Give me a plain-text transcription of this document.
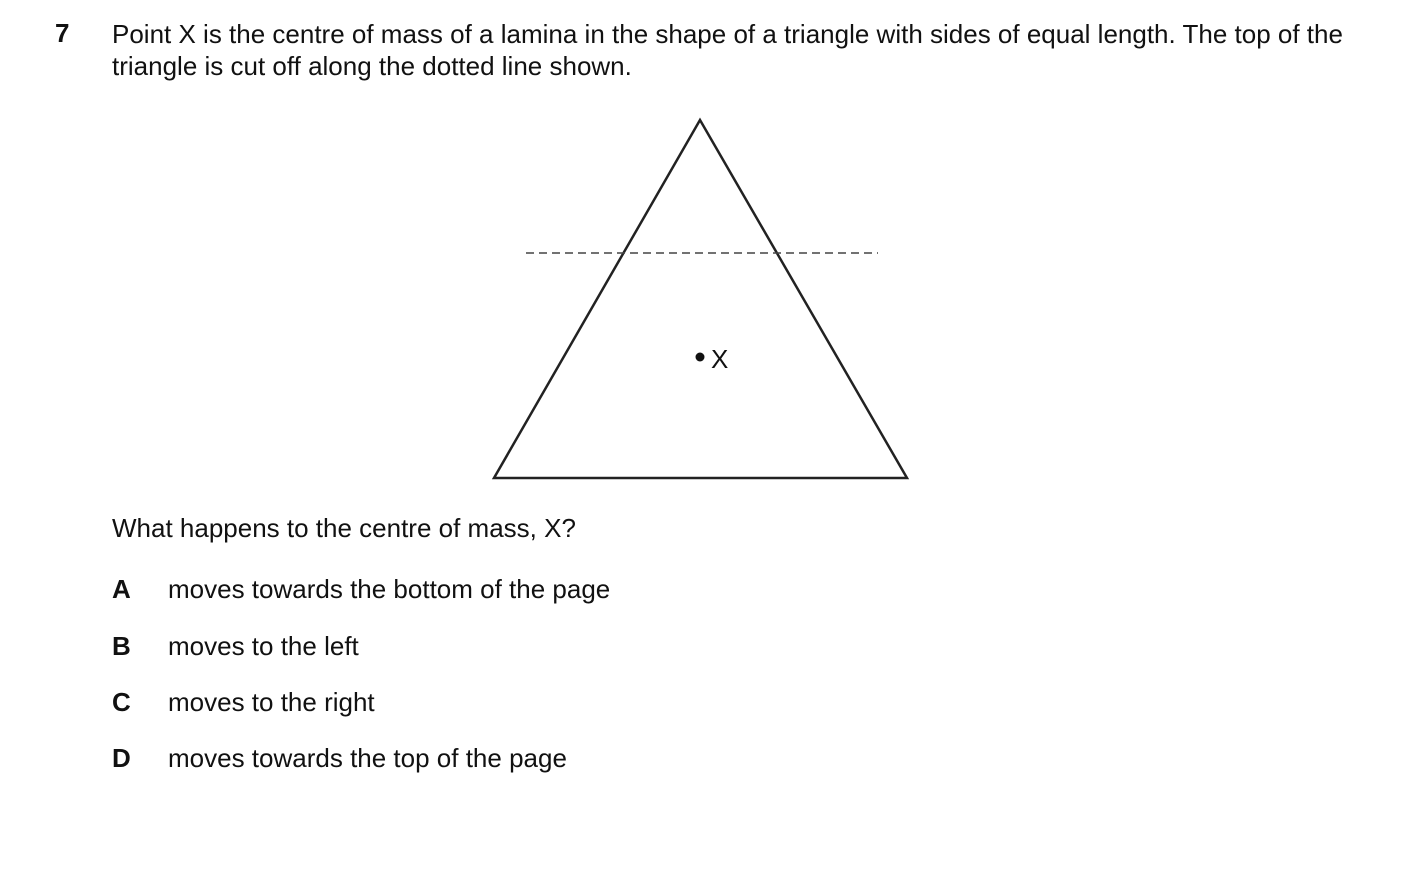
7 Point X is the centre of mass of a lamina in the shape of a triangle with sides of equal length. The top of the triangle is cut off along the dotted line shown.
X
What happens to the centre of mass, X?
A moves towards the bottom of the page
B moves to the left
C moves to the right
D moves towards the top of the page
